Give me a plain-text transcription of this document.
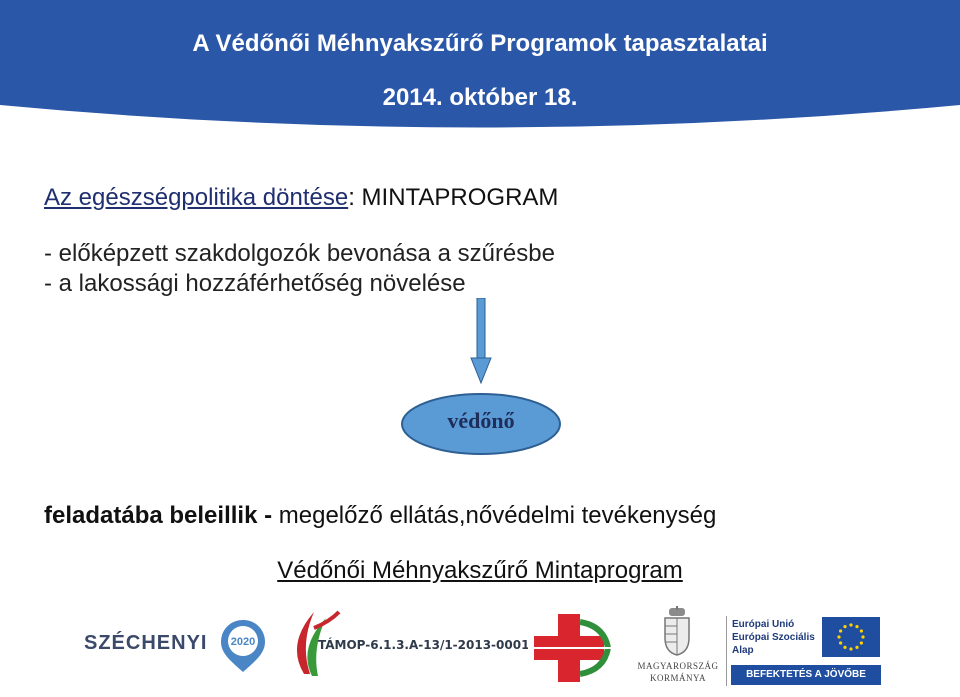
A Védőnői Méhnyakszűrő Programok tapasztalatai
2014. október 18.
Az egészségpolitika döntése: MINTAPROGRAM
- előképzett szakdolgozók bevonása a szűrésbe
- a lakossági hozzáférhetőség növelése
védőnő
feladatába beleillik - megelőző ellátás,nővédelmi tevékenység
Védőnői Méhnyakszűrő Mintaprogram
SZÉCHENYI 2020	TÁMOP-6.1.3.A-13/1-2013-0001
MAGYARORSZÁG
KORMÁNYA
Európai Unió
Európai Szociális
Alap
BEFEKTETÉS A JÖVŐBE
